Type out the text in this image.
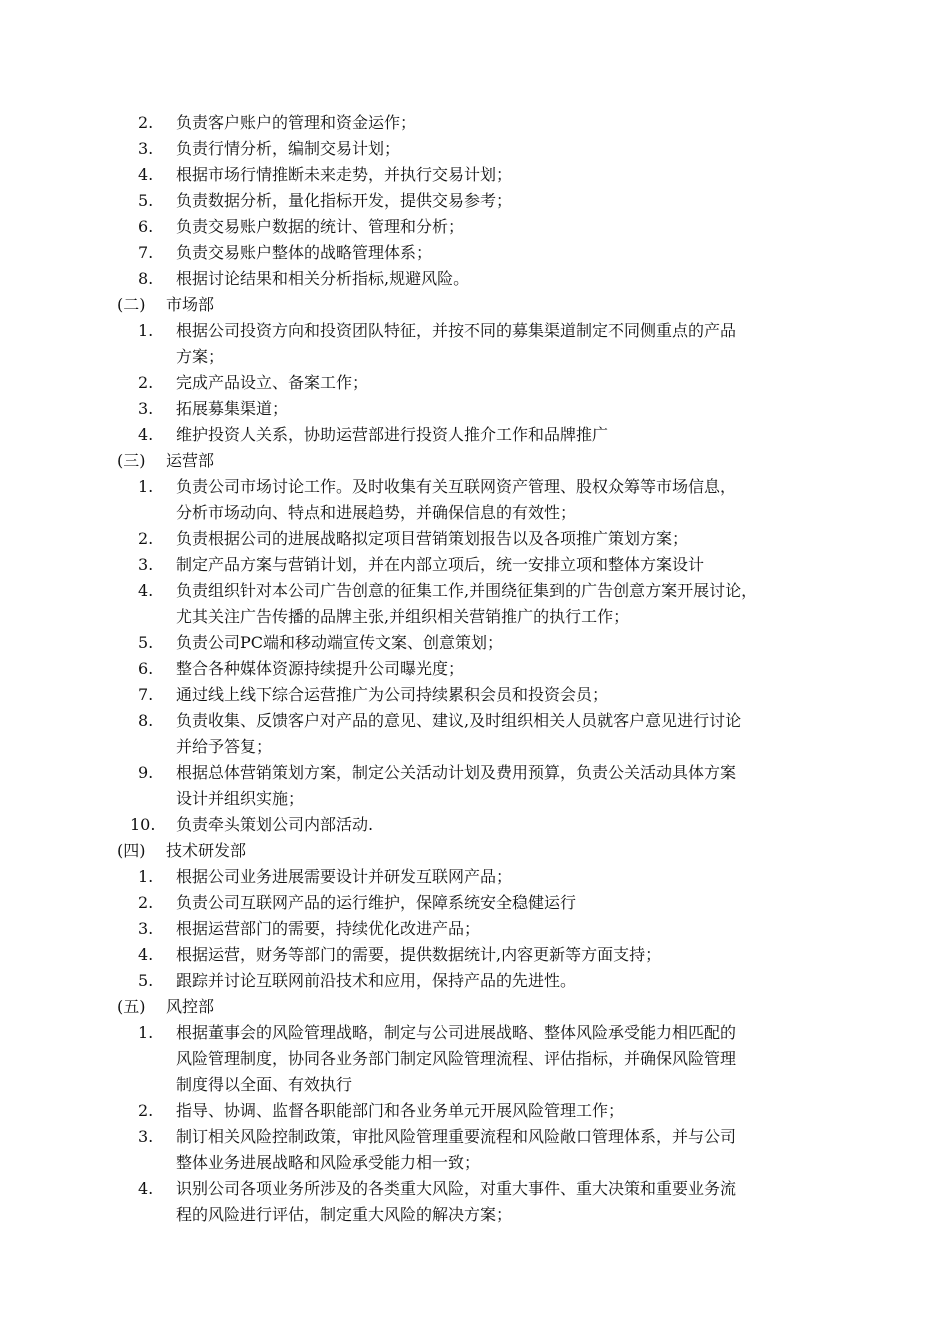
2. 负责客户账户的管理和资金运作；
3. 负责行情分析，编制交易计划；
4. 根据市场行情推断未来走势，并执行交易计划；
5. 负责数据分析，量化指标开发，提供交易参考；
6. 负责交易账户数据的统计、管理和分析；
7. 负责交易账户整体的战略管理体系；
8. 根据讨论结果和相关分析指标,规避风险。
(二) 市场部
1. 根据公司投资方向和投资团队特征，并按不同的募集渠道制定不同侧重点的产品
方案；
2. 完成产品设立、备案工作；
3. 拓展募集渠道；
4. 维护投资人关系，协助运营部进行投资人推介工作和品牌推广
(三) 运营部
1. 负责公司市场讨论工作。及时收集有关互联网资产管理、股权众筹等市场信息，
分析市场动向、特点和进展趋势，并确保信息的有效性；
2. 负责根据公司的进展战略拟定项目营销策划报告以及各项推广策划方案；
3. 制定产品方案与营销计划，并在内部立项后，统一安排立项和整体方案设计
4. 负责组织针对本公司广告创意的征集工作,并围绕征集到的广告创意方案开展讨论，
尤其关注广告传播的品牌主张,并组织相关营销推广的执行工作；
5. 负责公司PC端和移动端宣传文案、创意策划；
6. 整合各种媒体资源持续提升公司曝光度；
7. 通过线上线下综合运营推广为公司持续累积会员和投资会员；
8. 负责收集、反馈客户对产品的意见、建议,及时组织相关人员就客户意见进行讨论
并给予答复；
9. 根据总体营销策划方案，制定公关活动计划及费用预算，负责公关活动具体方案
设计并组织实施；
10. 负责牵头策划公司内部活动.
(四) 技术研发部
1. 根据公司业务进展需要设计并研发互联网产品；
2. 负责公司互联网产品的运行维护，保障系统安全稳健运行
3. 根据运营部门的需要，持续优化改进产品；
4. 根据运营，财务等部门的需要，提供数据统计,内容更新等方面支持；
5. 跟踪并讨论互联网前沿技术和应用，保持产品的先进性。
(五) 风控部
1. 根据董事会的风险管理战略，制定与公司进展战略、整体风险承受能力相匹配的
风险管理制度，协同各业务部门制定风险管理流程、评估指标，并确保风险管理
制度得以全面、有效执行
2. 指导、协调、监督各职能部门和各业务单元开展风险管理工作；
3. 制订相关风险控制政策，审批风险管理重要流程和风险敞口管理体系，并与公司
整体业务进展战略和风险承受能力相一致；
4. 识别公司各项业务所涉及的各类重大风险，对重大事件、重大决策和重要业务流
程的风险进行评估，制定重大风险的解决方案；
